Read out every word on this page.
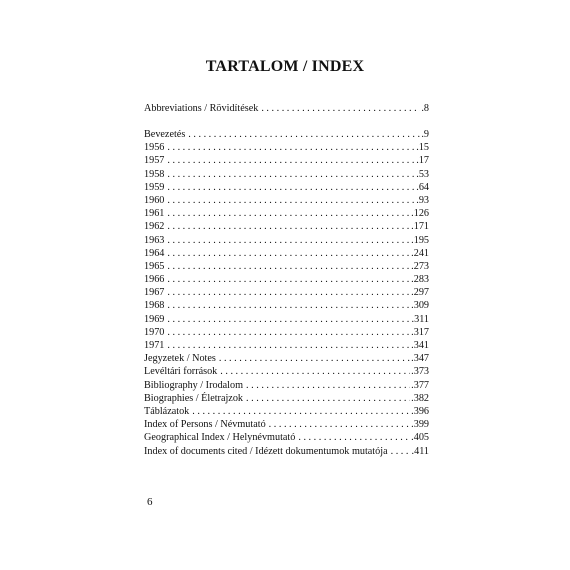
TARTALOM / INDEX
Abbreviations / Rövidítések . . .	.8
Bevezetés . . .	.9
1956 . . .	.15
1957 . . .	.17
1958 . . .	.53
1959 . . .	.64
1960 . . .	.93
1961 . . .	.126
1962 . . .	.171
1963 . . .	.195
1964 . . .	.241
1965 . . .	.273
1966 . . .	.283
1967 . . .	.297
1968 . . .	.309
1969 . . .	.311
1970 . . .	.317
1971 . . .	.341
Jegyzetek / Notes . . .	.347
Levéltári források . . .	.373
Bibliography / Irodalom . . .	.377
Biographies / Életrajzok . . .	.382
Táblázatok . . .	.396
Index of Persons / Névmutató . . .	.399
Geographical Index / Helynévmutató . . .	.405
Index of documents cited / Idézett dokumentumok mutatója . . . .411
6
